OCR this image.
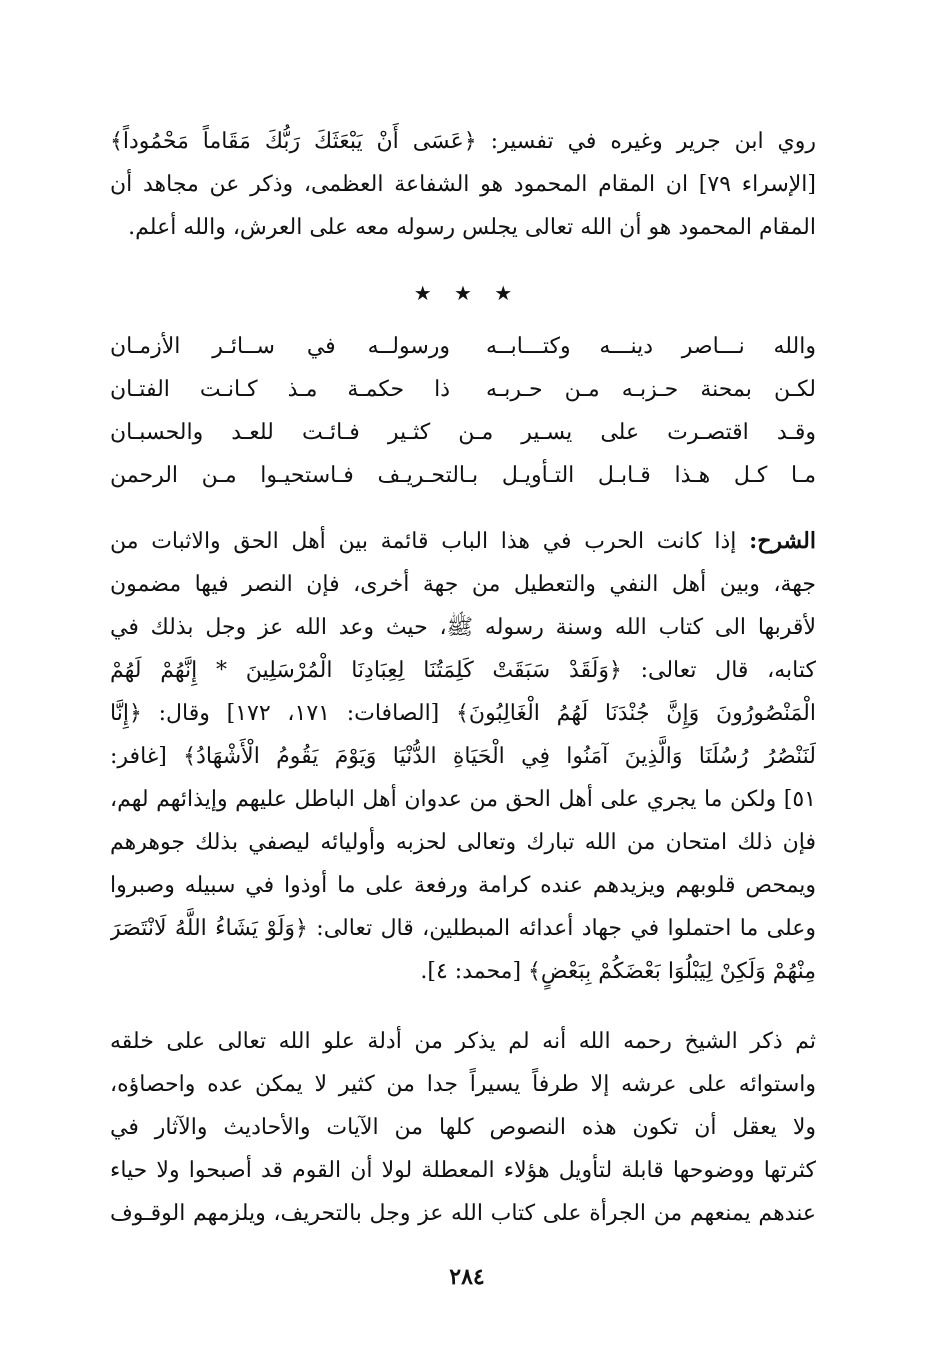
روي ابن جرير وغيره في تفسير: ﴿عَسَى أَنْ يَبْعَثَكَ رَبُّكَ مَقَاماً مَحْمُوداً﴾
[الإسراء ٧٩] ان المقام المحمود هو الشفاعة العظمى، وذكر عن مجاهد أن
المقام المحمود هو أن الله تعالى يجلس رسوله معه على العرش، والله أعلم.
★ ★ ★
والله نـــاصر دينـــه وكتـــابــه
ورسولــه في ســائـر الأزمـان
لكـن بمحنة حـزبـه مـن حـربـه
ذا حكمـة مـذ كـانـت الفتـان
وقـد اقتصـرت على يسـير مـن كثـير فـائـت للعـد والحسبـان
مـا كـل هـذا قـابـل التـأويـل بـالتحـريـف فـاستحيـوا مـن الرحمن
الشرح: إذا كانت الحرب في هذا الباب قائمة بين أهل الحق والاثبات من
جهة، وبين أهل النفي والتعطيل من جهة أخرى، فإن النصر فيها مضمون
لأقربها الى كتاب الله وسنة رسوله ﷺ، حيث وعد الله عز وجل بذلك في
كتابه، قال تعالى: ﴿وَلَقَدْ سَبَقَتْ كَلِمَتُنَا لِعِبَادِنَا الْمُرْسَلِينَ * إِنَّهُمْ لَهُمْ
الْمَنْصُورُونَ وَإِنَّ جُنْدَنَا لَهُمُ الْغَالِبُونَ﴾ [الصافات: ١٧١، ١٧٢] وقال: ﴿إِنَّا
لَنَنْصُرُ رُسُلَنَا وَالَّذِينَ آمَنُوا فِي الْحَيَاةِ الدُّنْيَا وَيَوْمَ يَقُومُ الْأَشْهَادُ﴾ [غافر:
٥١] ولكن ما يجري على أهل الحق من عدوان أهل الباطل عليهم وإيذائهم لهم،
فإن ذلك امتحان من الله تبارك وتعالى لحزبه وأوليائه ليصفي بذلك جوهرهم
ويمحص قلوبهم ويزيدهم عنده كرامة ورفعة على ما أوذوا في سبيله وصبروا
وعلى ما احتملوا في جهاد أعدائه المبطلين، قال تعالى: ﴿وَلَوْ يَشَاءُ اللَّهُ لَانْتَصَرَ
مِنْهُمْ وَلَكِنْ لِيَبْلُوَا بَعْضَكُمْ بِبَعْضٍ﴾ [محمد: ٤].
ثم ذكر الشيخ رحمه الله أنه لم يذكر من أدلة علو الله تعالى على خلقه
واستوائه على عرشه إلا طرفاً يسيراً جدا من كثير لا يمكن عده واحصاؤه،
ولا يعقل أن تكون هذه النصوص كلها من الآيات والأحاديث والآثار في
كثرتها ووضوحها قابلة لتأويل هؤلاء المعطلة لولا أن القوم قد أصبحوا ولا حياء
عندهم يمنعهم من الجرأة على كتاب الله عز وجل بالتحريف، ويلزمهم الوقـوف
٢٨٤
